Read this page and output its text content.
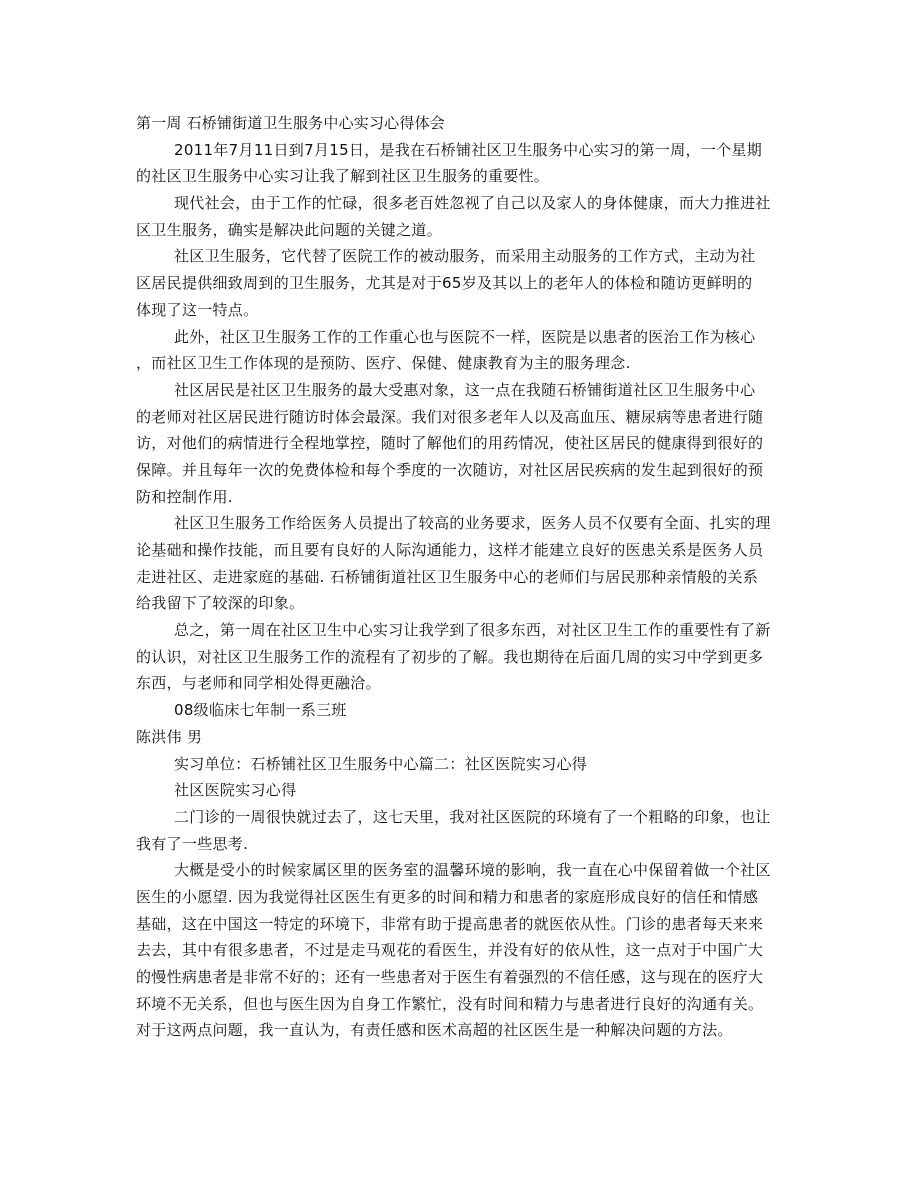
第一周 石桥铺街道卫生服务中心实习心得体会
2011年7月11日到7月15日，是我在石桥铺社区卫生服务中心实习的第一周，一个星期
的社区卫生服务中心实习让我了解到社区卫生服务的重要性。
现代社会，由于工作的忙碌，很多老百姓忽视了自己以及家人的身体健康，而大力推进社
区卫生服务，确实是解决此问题的关键之道。
社区卫生服务，它代替了医院工作的被动服务，而采用主动服务的工作方式，主动为社
区居民提供细致周到的卫生服务，尤其是对于65岁及其以上的老年人的体检和随访更鲜明的
体现了这一特点。
此外，社区卫生服务工作的工作重心也与医院不一样，医院是以患者的医治工作为核心
，而社区卫生工作体现的是预防、医疗、保健、健康教育为主的服务理念.
社区居民是社区卫生服务的最大受惠对象，这一点在我随石桥铺街道社区卫生服务中心
的老师对社区居民进行随访时体会最深。我们对很多老年人以及高血压、糖尿病等患者进行随
访，对他们的病情进行全程地掌控，随时了解他们的用药情况，使社区居民的健康得到很好的
保障。并且每年一次的免费体检和每个季度的一次随访，对社区居民疾病的发生起到很好的预
防和控制作用.
社区卫生服务工作给医务人员提出了较高的业务要求，医务人员不仅要有全面、扎实的理
论基础和操作技能，而且要有良好的人际沟通能力，这样才能建立良好的医患关系是医务人员
走进社区、走进家庭的基础. 石桥铺街道社区卫生服务中心的老师们与居民那种亲情般的关系
给我留下了较深的印象。
总之，第一周在社区卫生中心实习让我学到了很多东西，对社区卫生工作的重要性有了新
的认识，对社区卫生服务工作的流程有了初步的了解。我也期待在后面几周的实习中学到更多
东西，与老师和同学相处得更融洽。
08级临床七年制一系三班
陈洪伟 男
实习单位：石桥铺社区卫生服务中心篇二：社区医院实习心得
社区医院实习心得
二门诊的一周很快就过去了，这七天里，我对社区医院的环境有了一个粗略的印象，也让
我有了一些思考.
大概是受小的时候家属区里的医务室的温馨环境的影响，我一直在心中保留着做一个社区
医生的小愿望. 因为我觉得社区医生有更多的时间和精力和患者的家庭形成良好的信任和情感
基础，这在中国这一特定的环境下，非常有助于提高患者的就医依从性。门诊的患者每天来来
去去，其中有很多患者，不过是走马观花的看医生，并没有好的依从性，这一点对于中国广大
的慢性病患者是非常不好的；还有一些患者对于医生有着强烈的不信任感，这与现在的医疗大
环境不无关系，但也与医生因为自身工作繁忙，没有时间和精力与患者进行良好的沟通有关。
对于这两点问题，我一直认为，有责任感和医术高超的社区医生是一种解决问题的方法。
